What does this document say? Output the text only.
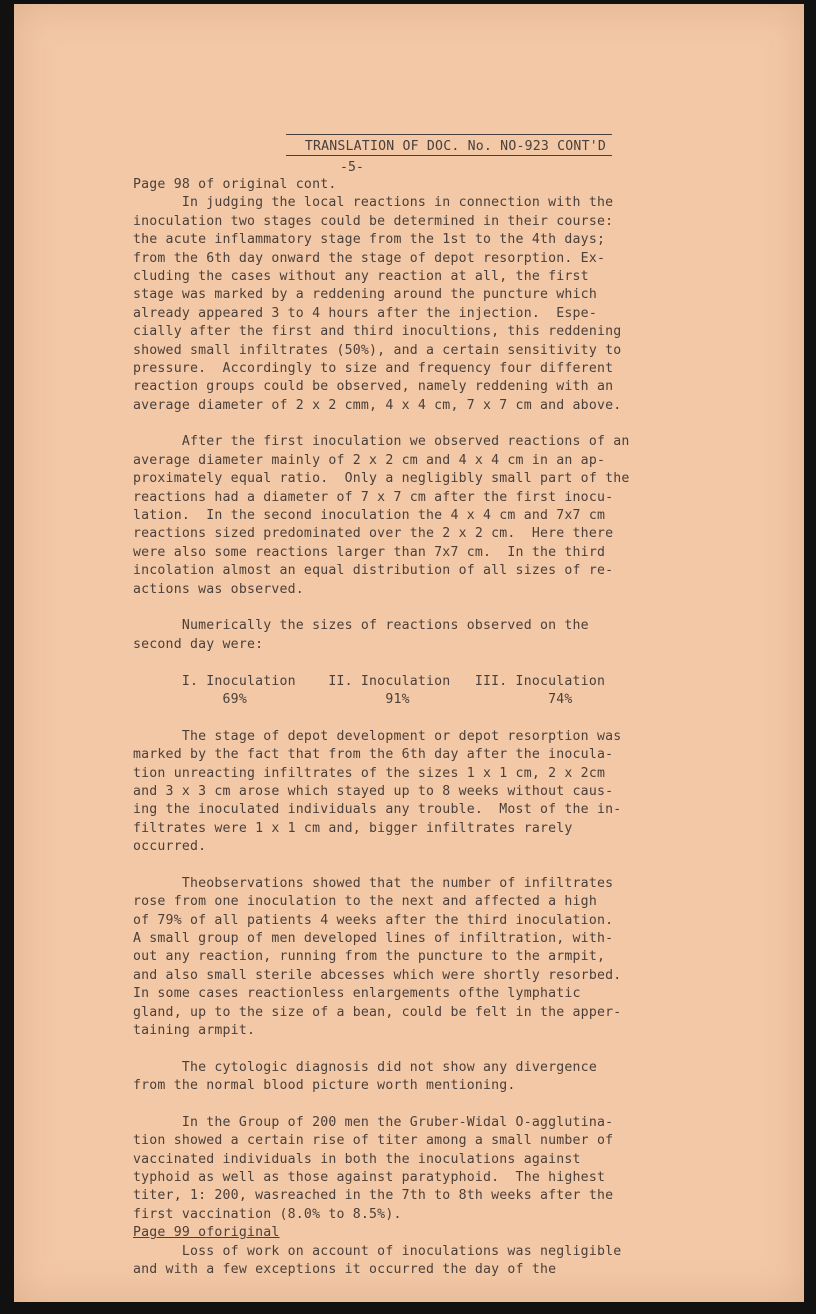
TRANSLATION OF DOC. No. NO-923 CONT'D
-5-
Page 98 of original cont.
In judging the local reactions in connection with the
inoculation two stages could be determined in their course:
the acute inflammatory stage from the 1st to the 4th days;
from the 6th day onward the stage of depot resorption. Ex-
cluding the cases without any reaction at all, the first
stage was marked by a reddening around the puncture which
already appeared 3 to 4 hours after the injection.  Espe-
cially after the first and third inocultions, this reddening
showed small infiltrates (50%), and a certain sensitivity to
pressure.  Accordingly to size and frequency four different
reaction groups could be observed, namely reddening with an
average diameter of 2 x 2 cmm, 4 x 4 cm, 7 x 7 cm and above.
After the first inoculation we observed reactions of an
average diameter mainly of 2 x 2 cm and 4 x 4 cm in an ap-
proximately equal ratio.  Only a negligibly small part of the
reactions had a diameter of 7 x 7 cm after the first inocu-
lation.  In the second inoculation the 4 x 4 cm and 7x7 cm
reactions sized predominated over the 2 x 2 cm.  Here there
were also some reactions larger than 7x7 cm.  In the third
incolation almost an equal distribution of all sizes of re-
actions was observed.
Numerically the sizes of reactions observed on the
second day were:
I. Inoculation    II. Inoculation   III. Inoculation
69%                 91%                 74%
The stage of depot development or depot resorption was
marked by the fact that from the 6th day after the inocula-
tion unreacting infiltrates of the sizes 1 x 1 cm, 2 x 2cm
and 3 x 3 cm arose which stayed up to 8 weeks without caus-
ing the inoculated individuals any trouble.  Most of the in-
filtrates were 1 x 1 cm and, bigger infiltrates rarely
occurred.
Theobservations showed that the number of infiltrates
rose from one inoculation to the next and affected a high
of 79% of all patients 4 weeks after the third inoculation.
A small group of men developed lines of infiltration, with-
out any reaction, running from the puncture to the armpit,
and also small sterile abcesses which were shortly resorbed.
In some cases reactionless enlargements ofthe lymphatic
gland, up to the size of a bean, could be felt in the apper-
taining armpit.
The cytologic diagnosis did not show any divergence
from the normal blood picture worth mentioning.
In the Group of 200 men the Gruber-Widal O-agglutina-
tion showed a certain rise of titer among a small number of
vaccinated individuals in both the inoculations against
typhoid as well as those against paratyphoid.  The highest
titer, 1: 200, wasreached in the 7th to 8th weeks after the
first vaccination (8.0% to 8.5%).
Page 99 oforiginal
Loss of work on account of inoculations was negligible
and with a few exceptions it occurred the day of the
